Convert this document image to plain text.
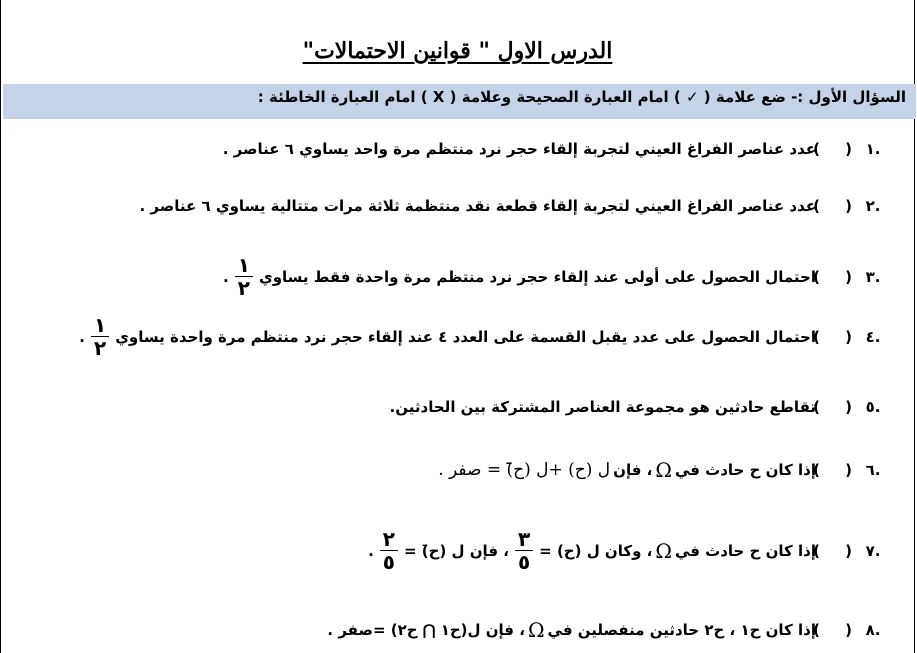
الدرس الاول " قوانين الاحتمالات"
السؤال الأول :- ضع علامة ( ✓ ) امام العبارة الصحيحة وعلامة ( X ) امام العبارة الخاطئة :
.١
( )
عدد عناصر الفراغ العيني لتجربة إلقاء حجر نرد منتظم مرة واحد يساوي ٦ عناصر .
.٢
( )
عدد عناصر الفراغ العيني لتجربة إلقاء قطعة نقد منتظمة ثلاثة مرات متتالية يساوي ٦ عناصر .
.٣
( )
احتمال الحصول على أولى عند إلقاء حجر نرد منتظم مرة واحدة فقط يساوي
$\frac{١}{٢}$
.
.٤
( )
احتمال الحصول على عدد يقبل القسمة على العدد ٤ عند إلقاء حجر نرد منتظم مرة واحدة يساوي
$\frac{١}{٢}$
.
.٥
( )
تقاطع حادثين هو مجموعة العناصر المشتركة بين الحادثين.
.٦
( )
إذا كان ح حادث في
Ω
، فإن
ل (ح) +ل (ح̄) = صفر .
.٧
( )
إذا كان ح حادث في
Ω
، وكان ل (ح) =
$\frac{٣}{٥}$
، فإن ل (ح̄) =
$\frac{٢}{٥}$
.
.٨
( )
إذا كان ح١ ، ح٢ حادثين منفصلين في
Ω
، فإن ل(ح١ ⋂ ح٢) =صفر .
